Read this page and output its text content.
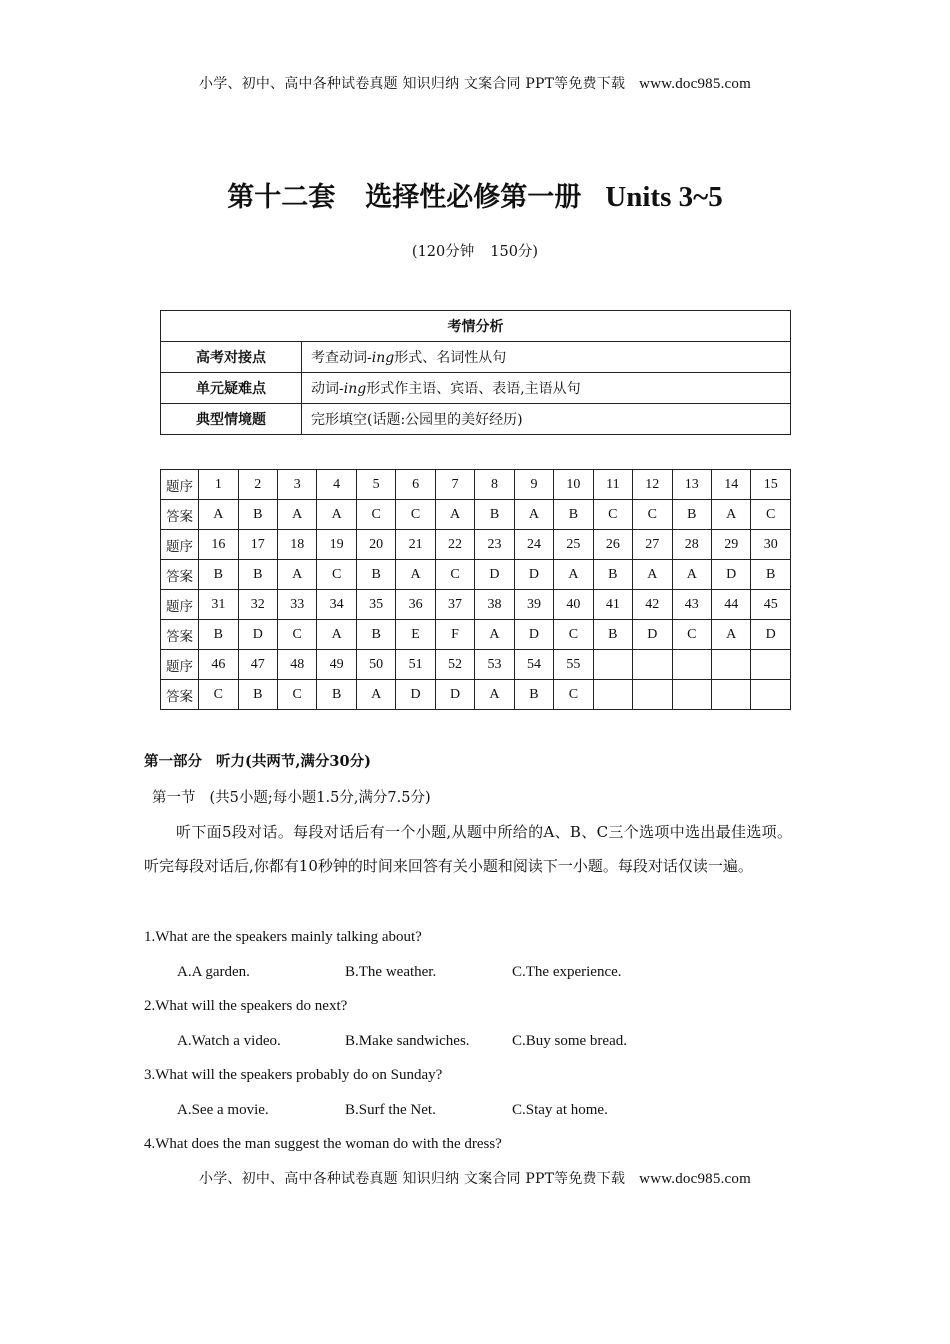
小学、初中、高中各种试卷真题 知识归纳 文案合同 PPT等免费下载 www.doc985.com
第十二套 选择性必修第一册 Units 3~5
(120分钟 150分)
考情分析	
高考对接点	考查动词-ing形式、名词性从句
单元疑难点	动词-ing形式作主语、宾语、表语,主语从句
典型情境题	完形填空(话题:公园里的美好经历)
题序	1	2	3	4	5	6	7	8	9	10	11	12	13	14	15
答案	A	B	A	A	C	C	A	B	A	B	C	C	B	A	C
题序	16	17	18	19	20	21	22	23	24	25	26	27	28	29	30
答案	B	B	A	C	B	A	C	D	D	A	B	A	A	D	B
题序	31	32	33	34	35	36	37	38	39	40	41	42	43	44	45
答案	B	D	C	A	B	E	F	A	D	C	B	D	C	A	D
题序	46	47	48	49	50	51	52	53	54	55					
答案	C	B	C	B	A	D	D	A	B	C					
第一部分 听力(共两节,满分30分)
第一节 (共5小题;每小题1.5分,满分7.5分)
听下面5段对话。每段对话后有一个小题,从题中所给的A、B、C三个选项中选出最佳选项。听完每段对话后,你都有10秒钟的时间来回答有关小题和阅读下一小题。每段对话仅读一遍。
1.What are the speakers mainly talking about?
A.A garden.	B.The weather.	C.The experience.
2.What will the speakers do next?
A.Watch a video.	B.Make sandwiches.	C.Buy some bread.
3.What will the speakers probably do on Sunday?
A.See a movie.	B.Surf the Net.	C.Stay at home.
4.What does the man suggest the woman do with the dress?
小学、初中、高中各种试卷真题 知识归纳 文案合同 PPT等免费下载 www.doc985.com
